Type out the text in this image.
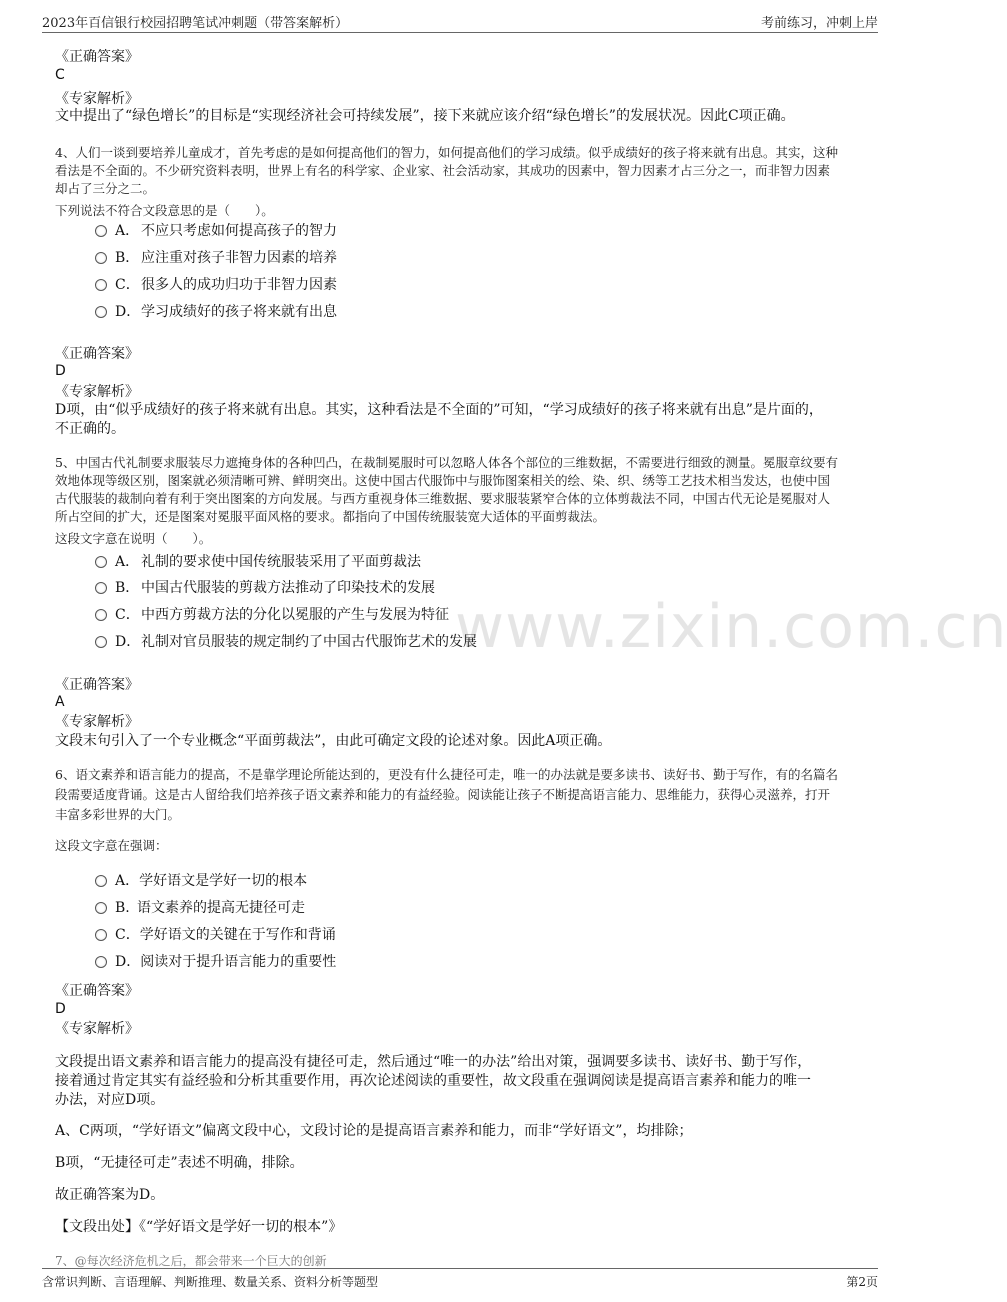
2023年百信银行校园招聘笔试冲刺题（带答案解析）	考前练习，冲刺上岸
www.zixin.com.cn
《正确答案》
C
《专家解析》
文中提出了“绿色增长”的目标是“实现经济社会可持续发展”，接下来就应该介绍“绿色增长”的发展状况。因此C项正确。
4、人们一谈到要培养儿童成才，首先考虑的是如何提高他们的智力，如何提高他们的学习成绩。似乎成绩好的孩子将来就有出息。其实，这种
看法是不全面的。不少研究资料表明，世界上有名的科学家、企业家、社会活动家，其成功的因素中，智力因素才占三分之一，而非智力因素
却占了三分之二。
下列说法不符合文段意思的是（　　）。
A． 不应只考虑如何提高孩子的智力
B． 应注重对孩子非智力因素的培养
C．很多人的成功归功于非智力因素
D．学习成绩好的孩子将来就有出息
《正确答案》
D
《专家解析》
D项，由“似乎成绩好的孩子将来就有出息。其实，这种看法是不全面的”可知，“学习成绩好的孩子将来就有出息”是片面的，
不正确的。
5、中国古代礼制要求服装尽力遮掩身体的各种凹凸，在裁制冕服时可以忽略人体各个部位的三维数据，不需要进行细致的测量。冕服章纹要有
效地体现等级区别，图案就必须清晰可辨、鲜明突出。这使中国古代服饰中与服饰图案相关的绘、染、织、绣等工艺技术相当发达，也使中国
古代服装的裁制向着有利于突出图案的方向发展。与西方重视身体三维数据、要求服装紧窄合体的立体剪裁法不同，中国古代无论是冕服对人
所占空间的扩大，还是图案对冕服平面风格的要求。都指向了中国传统服装宽大适体的平面剪裁法。
这段文字意在说明（　　）。
A． 礼制的要求使中国传统服装采用了平面剪裁法
B． 中国古代服装的剪裁方法推动了印染技术的发展
C．中西方剪裁方法的分化以冕服的产生与发展为特征
D．礼制对官员服装的规定制约了中国古代服饰艺术的发展
《正确答案》
A
《专家解析》
文段末句引入了一个专业概念“平面剪裁法”，由此可确定文段的论述对象。因此A项正确。
6、语文素养和语言能力的提高，不是靠学理论所能达到的，更没有什么捷径可走，唯一的办法就是要多读书、读好书、勤于写作，有的名篇名
段需要适度背诵。这是古人留给我们培养孩子语文素养和能力的有益经验。阅读能让孩子不断提高语言能力、思维能力，获得心灵滋养，打开
丰富多彩世界的大门。
这段文字意在强调：
A．学好语文是学好一切的根本
B. 语文素养的提高无捷径可走
C．学好语文的关键在于写作和背诵
D．阅读对于提升语言能力的重要性
《正确答案》
D
《专家解析》
文段提出语文素养和语言能力的提高没有捷径可走，然后通过“唯一的办法”给出对策，强调要多读书、读好书、勤于写作，
接着通过肯定其实有益经验和分析其重要作用，再次论述阅读的重要性，故文段重在强调阅读是提高语言素养和能力的唯一
办法，对应D项。
A、C两项，“学好语文”偏离文段中心，文段讨论的是提高语言素养和能力，而非“学好语文”，均排除；
B项，“无捷径可走”表述不明确，排除。
故正确答案为D。
【文段出处】《“学好语文是学好一切的根本”》
7、@每次经济危机之后，都会带来一个巨大的创新
含常识判断、言语理解、判断推理、数量关系、资料分析等题型	第2页
